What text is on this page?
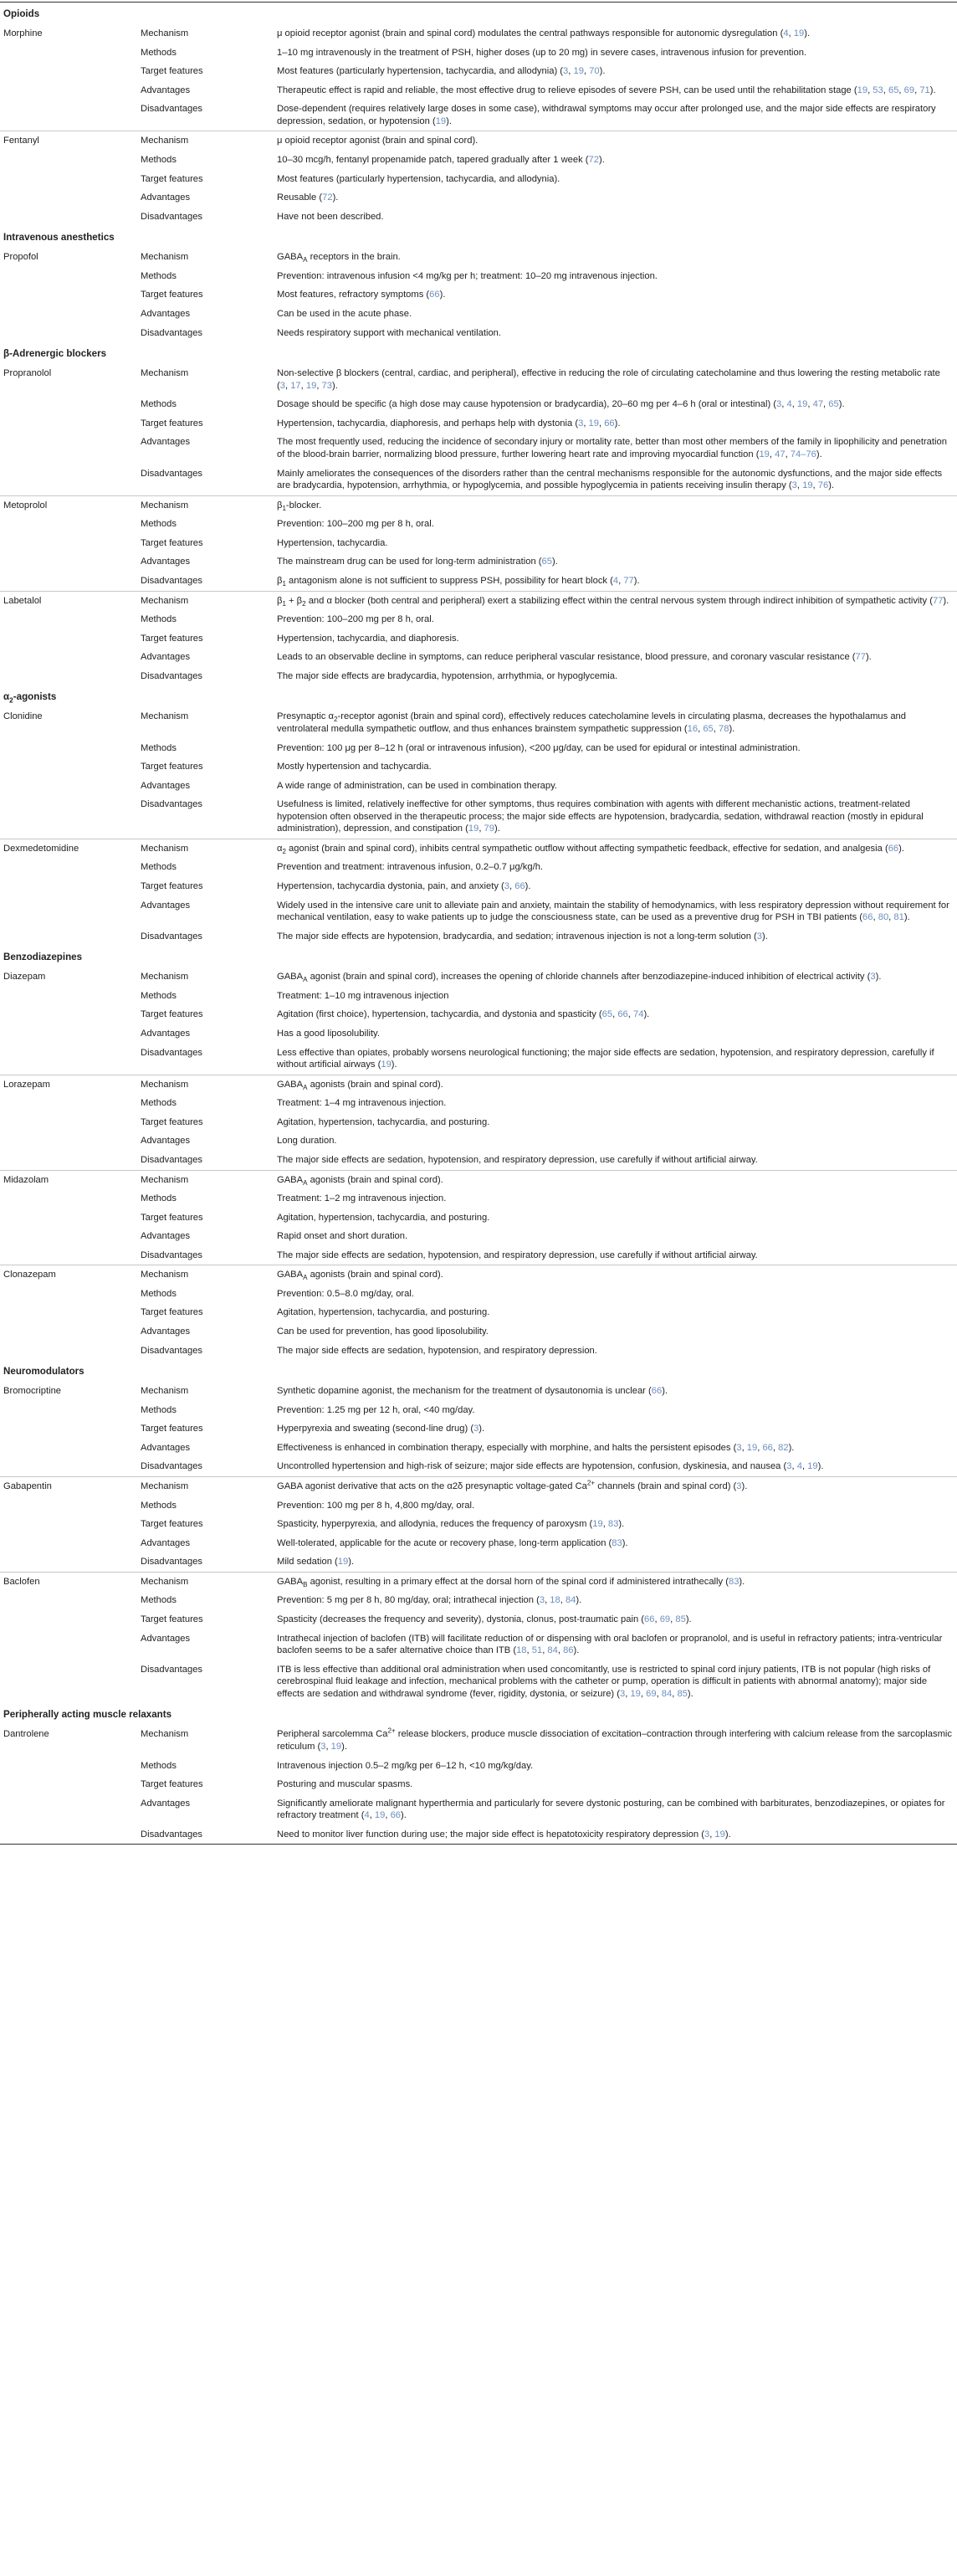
Opioids		
Morphine	Mechanism	μ opioid receptor agonist (brain and spinal cord) modulates the central pathways responsible for autonomic dysregulation (4, 19).
	Methods	1–10 mg intravenously in the treatment of PSH, higher doses (up to 20 mg) in severe cases, intravenous infusion for prevention.
	Target features	Most features (particularly hypertension, tachycardia, and allodynia) (3, 19, 70).
	Advantages	Therapeutic effect is rapid and reliable, the most effective drug to relieve episodes of severe PSH, can be used until the rehabilitation stage (19, 53, 65, 69, 71).
	Disadvantages	Dose-dependent (requires relatively large doses in some case), withdrawal symptoms may occur after prolonged use, and the major side effects are respiratory depression, sedation, or hypotension (19).
Fentanyl	Mechanism	μ opioid receptor agonist (brain and spinal cord).
	Methods	10–30 mcg/h, fentanyl propenamide patch, tapered gradually after 1 week (72).
	Target features	Most features (particularly hypertension, tachycardia, and allodynia).
	Advantages	Reusable (72).
	Disadvantages	Have not been described.
Intravenous anesthetics		
Propofol	Mechanism	$GABA_A$ receptors in the brain.
	Methods	Prevention: intravenous infusion <4 mg/kg per h; treatment: 10–20 mg intravenous injection.
	Target features	Most features, refractory symptoms (66).
	Advantages	Can be used in the acute phase.
	Disadvantages	Needs respiratory support with mechanical ventilation.
β-Adrenergic blockers		
Propranolol	Mechanism	Non-selective β blockers (central, cardiac, and peripheral), effective in reducing the role of circulating catecholamine and thus lowering the resting metabolic rate (3, 17, 19, 73).
	Methods	Dosage should be specific (a high dose may cause hypotension or bradycardia), 20–60 mg per 4–6 h (oral or intestinal) (3, 4, 19, 47, 65).
	Target features	Hypertension, tachycardia, diaphoresis, and perhaps help with dystonia (3, 19, 66).
	Advantages	The most frequently used, reducing the incidence of secondary injury or mortality rate, better than most other members of the family in lipophilicity and penetration of the blood-brain barrier, normalizing blood pressure, further lowering heart rate and improving myocardial function (19, 47, 74–76).
	Disadvantages	Mainly ameliorates the consequences of the disorders rather than the central mechanisms responsible for the autonomic dysfunctions, and the major side effects are bradycardia, hypotension, arrhythmia, or hypoglycemia, and possible hypoglycemia in patients receiving insulin therapy (3, 19, 76).
Metoprolol	Mechanism	$\beta_1$-blocker.
	Methods	Prevention: 100–200 mg per 8 h, oral.
	Target features	Hypertension, tachycardia.
	Advantages	The mainstream drug can be used for long-term administration (65).
	Disadvantages	$\beta_1$ antagonism alone is not sufficient to suppress PSH, possibility for heart block (4, 77).
Labetalol	Mechanism	$\beta_1 + \beta_2$ and α blocker (both central and peripheral) exert a stabilizing effect within the central nervous system through indirect inhibition of sympathetic activity (77).
	Methods	Prevention: 100–200 mg per 8 h, oral.
	Target features	Hypertension, tachycardia, and diaphoresis.
	Advantages	Leads to an observable decline in symptoms, can reduce peripheral vascular resistance, blood pressure, and coronary vascular resistance (77).
	Disadvantages	The major side effects are bradycardia, hypotension, arrhythmia, or hypoglycemia.
$\alpha_2$-agonists		
Clonidine	Mechanism	Presynaptic $\alpha_2$-receptor agonist (brain and spinal cord), effectively reduces catecholamine levels in circulating plasma, decreases the hypothalamus and ventrolateral medulla sympathetic outflow, and thus enhances brainstem sympathetic suppression (16, 65, 78).
	Methods	Prevention: 100 μg per 8–12 h (oral or intravenous infusion), <200 μg/day, can be used for epidural or intestinal administration.
	Target features	Mostly hypertension and tachycardia.
	Advantages	A wide range of administration, can be used in combination therapy.
	Disadvantages	Usefulness is limited, relatively ineffective for other symptoms, thus requires combination with agents with different mechanistic actions, treatment-related hypotension often observed in the therapeutic process; the major side effects are hypotension, bradycardia, sedation, withdrawal reaction (mostly in epidural administration), depression, and constipation (19, 79).
Dexmedetomidine	Mechanism	$\alpha_2$ agonist (brain and spinal cord), inhibits central sympathetic outflow without affecting sympathetic feedback, effective for sedation, and analgesia (66).
	Methods	Prevention and treatment: intravenous infusion, 0.2–0.7 μg/kg/h.
	Target features	Hypertension, tachycardia dystonia, pain, and anxiety (3, 66).
	Advantages	Widely used in the intensive care unit to alleviate pain and anxiety, maintain the stability of hemodynamics, with less respiratory depression without requirement for mechanical ventilation, easy to wake patients up to judge the consciousness state, can be used as a preventive drug for PSH in TBI patients (66, 80, 81).
	Disadvantages	The major side effects are hypotension, bradycardia, and sedation; intravenous injection is not a long-term solution (3).
Benzodiazepines		
Diazepam	Mechanism	$GABA_A$ agonist (brain and spinal cord), increases the opening of chloride channels after benzodiazepine-induced inhibition of electrical activity (3).
	Methods	Treatment: 1–10 mg intravenous injection
	Target features	Agitation (first choice), hypertension, tachycardia, and dystonia and spasticity (65, 66, 74).
	Advantages	Has a good liposolubility.
	Disadvantages	Less effective than opiates, probably worsens neurological functioning; the major side effects are sedation, hypotension, and respiratory depression, carefully if without artificial airways (19).
Lorazepam	Mechanism	$GABA_A$ agonists (brain and spinal cord).
	Methods	Treatment: 1–4 mg intravenous injection.
	Target features	Agitation, hypertension, tachycardia, and posturing.
	Advantages	Long duration.
	Disadvantages	The major side effects are sedation, hypotension, and respiratory depression, use carefully if without artificial airway.
Midazolam	Mechanism	$GABA_A$ agonists (brain and spinal cord).
	Methods	Treatment: 1–2 mg intravenous injection.
	Target features	Agitation, hypertension, tachycardia, and posturing.
	Advantages	Rapid onset and short duration.
	Disadvantages	The major side effects are sedation, hypotension, and respiratory depression, use carefully if without artificial airway.
Clonazepam	Mechanism	$GABA_A$ agonists (brain and spinal cord).
	Methods	Prevention: 0.5–8.0 mg/day, oral.
	Target features	Agitation, hypertension, tachycardia, and posturing.
	Advantages	Can be used for prevention, has good liposolubility.
	Disadvantages	The major side effects are sedation, hypotension, and respiratory depression.
Neuromodulators		
Bromocriptine	Mechanism	Synthetic dopamine agonist, the mechanism for the treatment of dysautonomia is unclear (66).
	Methods	Prevention: 1.25 mg per 12 h, oral, <40 mg/day.
	Target features	Hyperpyrexia and sweating (second-line drug) (3).
	Advantages	Effectiveness is enhanced in combination therapy, especially with morphine, and halts the persistent episodes (3, 19, 66, 82).
	Disadvantages	Uncontrolled hypertension and high-risk of seizure; major side effects are hypotension, confusion, dyskinesia, and nausea (3, 4, 19).
Gabapentin	Mechanism	GABA agonist derivative that acts on the α2δ presynaptic voltage-gated $Ca^{2+}$ channels (brain and spinal cord) (3).
	Methods	Prevention: 100 mg per 8 h, 4,800 mg/day, oral.
	Target features	Spasticity, hyperpyrexia, and allodynia, reduces the frequency of paroxysm (19, 83).
	Advantages	Well-tolerated, applicable for the acute or recovery phase, long-term application (83).
	Disadvantages	Mild sedation (19).
Baclofen	Mechanism	$GABA_B$ agonist, resulting in a primary effect at the dorsal horn of the spinal cord if administered intrathecally (83).
	Methods	Prevention: 5 mg per 8 h, 80 mg/day, oral; intrathecal injection (3, 18, 84).
	Target features	Spasticity (decreases the frequency and severity), dystonia, clonus, post-traumatic pain (66, 69, 85).
	Advantages	Intrathecal injection of baclofen (ITB) will facilitate reduction of or dispensing with oral baclofen or propranolol, and is useful in refractory patients; intra-ventricular baclofen seems to be a safer alternative choice than ITB (18, 51, 84, 86).
	Disadvantages	ITB is less effective than additional oral administration when used concomitantly, use is restricted to spinal cord injury patients, ITB is not popular (high risks of cerebrospinal fluid leakage and infection, mechanical problems with the catheter or pump, operation is difficult in patients with abnormal anatomy); major side effects are sedation and withdrawal syndrome (fever, rigidity, dystonia, or seizure) (3, 19, 69, 84, 85).
Peripherally acting muscle relaxants		
Dantrolene	Mechanism	Peripheral sarcolemma $Ca^{2+}$ release blockers, produce muscle dissociation of excitation–contraction through interfering with calcium release from the sarcoplasmic reticulum (3, 19).
	Methods	Intravenous injection 0.5–2 mg/kg per 6–12 h, <10 mg/kg/day.
	Target features	Posturing and muscular spasms.
	Advantages	Significantly ameliorate malignant hyperthermia and particularly for severe dystonic posturing, can be combined with barbiturates, benzodiazepines, or opiates for refractory treatment (4, 19, 66).
	Disadvantages	Need to monitor liver function during use; the major side effect is hepatotoxicity respiratory depression (3, 19).
